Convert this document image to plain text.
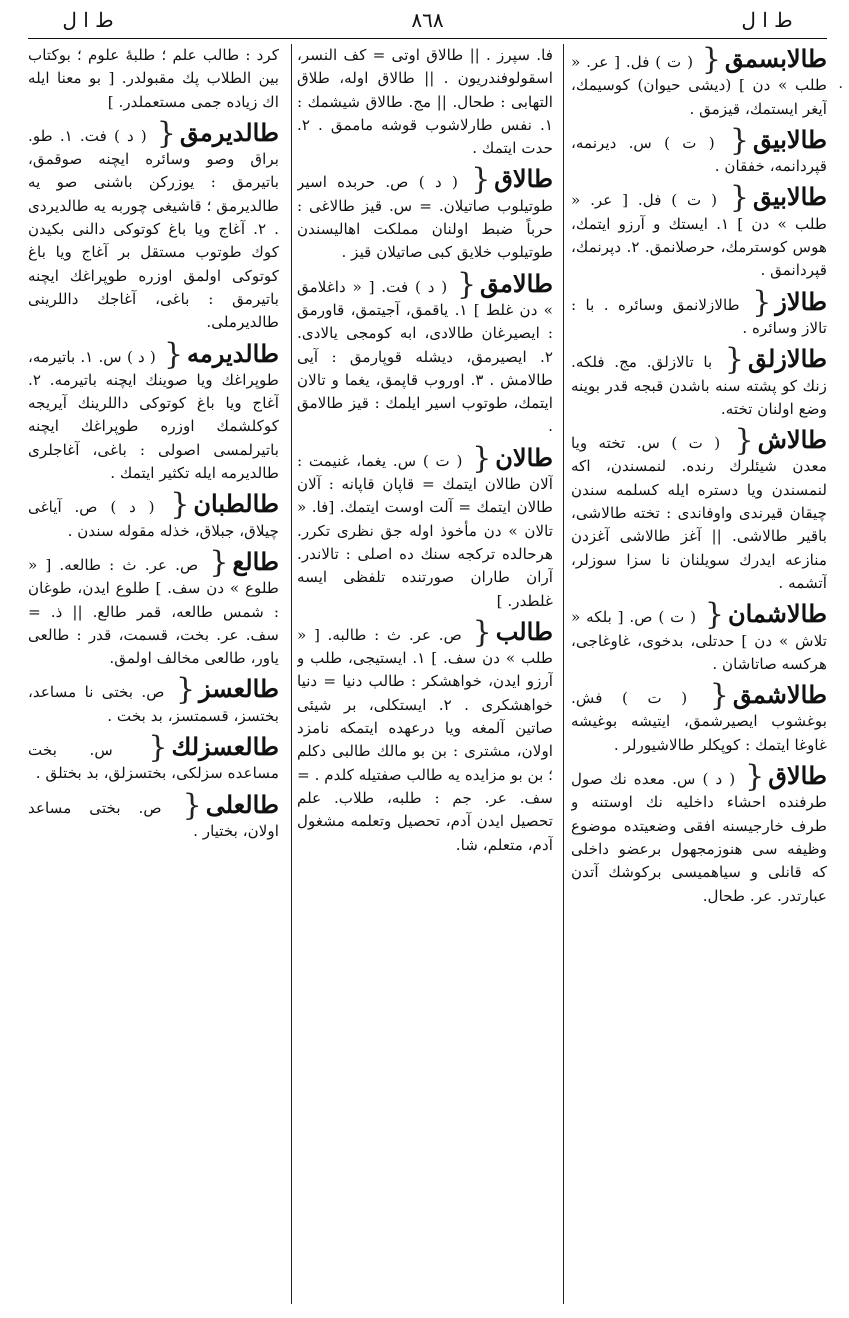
ط ا ل
٨٦٨
ط ا ل
·
طالابسمق{ ( ت ) فل. [ عر. « طلب » دن ] (دیشی حیوان) کوسیمك، آیغر ایستمك، قیزمق .
طالابیق{ ( ت ) س. دیرنمه، قپردانمه، خفقان .
طالابیق{ ( ت ) فل. [ عر. « طلب » دن ] ۱. ایستك و آرزو ایتمك، هوس کوسترمك، حرصلانمق. ۲. دپرنمك، قپردانمق .
طالاز{ طالازلانمق وسائره . با : تالاز وسائره .
طالازلق{ با تالازلق. مج. فلکه. زنك كو پشته سنه باشدن قبجه قدر بوینه وضع اولنان تخته.
طالاش{ ( ت ) س. تخته ویا معدن شیئلرك رنده. لنمسندن، اکه لنمسندن ویا دستره ایله کسلمه سندن چیقان قیرندی واوفاندی : تخته طالاشی، باقیر طالاشی. || آغز طالاشی آغزدن منازعه ایدرك سویلنان نا سزا سوزلر، آتشمه .
طالاشمان{ ( ت ) ص. [ بلکه « تلاش » دن ] حدتلی، بدخوی، غاوغاجی، هرکسه صاتاشان .
طالاشمق{ ( ت ) فش. بوغشوب ایصیرشمق، ایتیشه بوغیشه غاوغا ایتمك : کوپکلر طالاشیورلر .
طالاق{ ( د ) س. معده نك صول طرفنده احشاء داخلیه نك اوستنه و طرف خارجیسنه افقی وضعیتده موضوع وظیفه سی هنوزمجهول برعضو داخلی که قانلی و سیاهمیسی برکوشك آتدن عبارتدر. عر. طحال.
فا. سپرز . || طالاق اوتی = کف النسر، اسقولوفندریون . || طالاق اوله، طلاق التهابی : طحال. || مج. طالاق شیشمك : ۱. نفس طارلاشوب قوشه ماممق . ۲. حدت ایتمك .
طالاق{ ( د ) ص. حربده اسیر طوتیلوب صاتیلان. = س. قیز طالاغی : حرباً ضبط اولنان مملکت اهالیسندن طوتیلوب خلایق کبی صاتیلان قیز .
طالامق{ ( د ) فت. [ « داغلامق » دن غلط ] ۱. یاقمق، آجیتمق، قاورمق : ایصیرغان طالادی، ابه کومجی یالادی. ۲. ایصیرمق، دیشله قوپارمق : آیی طالامش . ۳. اوروب قاپمق، یغما و تالان ایتمك، طوتوب اسیر ایلمك : قیز طالامق .
طالان{ ( ت ) س. یغما، غنیمت : آلان طالان ایتمك = قاپان قاپانه : آلان طالان ایتمك = آلت اوست ایتمك. [فا. « تالان » دن مأخوذ اوله جق نظری تکرر. هرحالده ترکجه سنك ده اصلی : تالاندر. آران طاران صورتنده تلفظی ایسه غلطدر. ]
طالب{ ص. عر. ث : طالبه. [ « طلب » دن سف. ] ۱. ایستیجی، طلب و آرزو ایدن، خواهشکر : طالب دنیا = دنیا خواهشکری . ۲. ایستکلی، بر شیئی صاتین آلمغه ویا درعهده ایتمکه نامزد اولان، مشتری : بن بو مالك طالبی دکلم ؛ بن بو مزایده یه طالب صفتیله کلدم . = سف. عر. جم : طلبه، طلاب. علم تحصیل ایدن آدم، تحصیل وتعلمه مشغول آدم، متعلم، شا.
کرد : طالب علم ؛ طلبهٔ علوم ؛ بوکتاب بین الطلاب پك مقبولدر. [ بو معنا ایله اك زیاده جمی مستعملدر. ]
طالدیرمق{ ( د ) فت. ۱. طو. براق وصو وسائره ایچنه صوقمق، باتیرمق : یوزركن باشنی صو یه طالدیرمق ؛ قاشیغی چوربه یه طالدیردی . ۲. آغاج ویا باغ کوتوکی دالنی بکیدن کوك طوتوب مستقل بر آغاج ویا باغ کوتوکی اولمق اوزره طوپراغك ایچنه باتیرمق : باغی، آغاجك داللرینی طالدیرملی.
طالدیرمه{ ( د ) س. ۱. باتیرمه، طوپراغك ویا صوینك ایچنه باتیرمه. ۲. آغاج ویا باغ کوتوکی داللرینك آیریجه کوکلشمك اوزره طوپراغك ایچنه باتیرلمسی اصولی : باغی، آغاجلری طالدیرمه ایله تکثیر ایتمك .
طالطبان{ ( د ) ص. آیاغی چیلاق، جبلاق، خذله مقوله سندن .
طالع{ ص. عر. ث : طالعه. [ « طلوع » دن سف. ] طلوع ایدن، طوغان : شمس طالعه، قمر طالع. || ذ. = سف. عر. بخت، قسمت، قدر : طالعی یاور، طالعی مخالف اولمق.
طالعسز{ ص. بختی نا مساعد، بختسز، قسمتسز، بد بخت .
طالعسزلك{ س. بخت مساعده سزلکی، بختسزلق، بد بختلق .
طالعلی{ ص. بختی مساعد اولان، بختیار .
